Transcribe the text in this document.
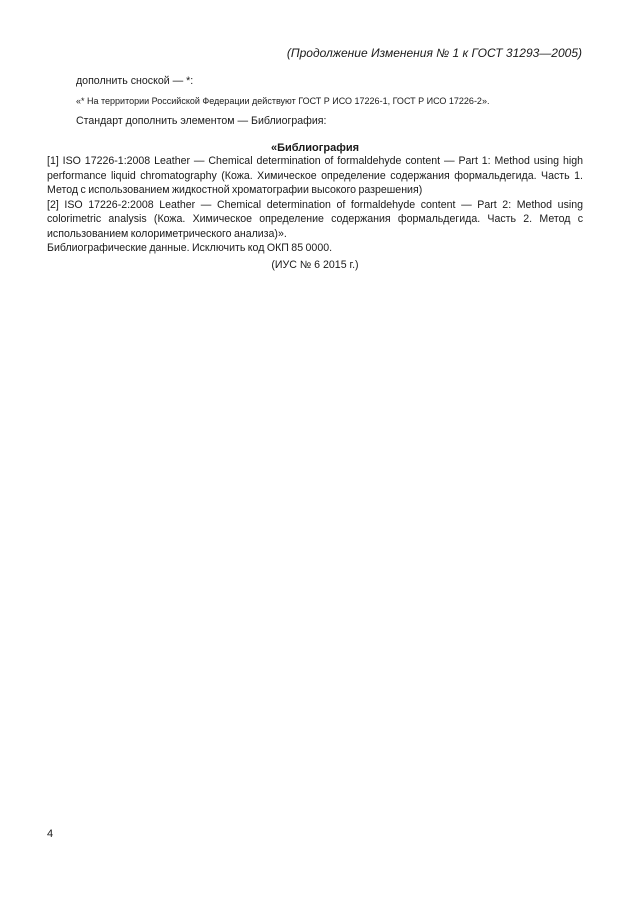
(Продолжение Изменения № 1 к ГОСТ 31293—2005)
дополнить сноской — *:
«* На территории Российской Федерации действуют ГОСТ Р ИСО 17226-1, ГОСТ Р ИСО 17226-2».
Стандарт дополнить элементом — Библиография:
«Библиография

[1] ISO 17226-1:2008 Leather — Chemical determination of formaldehyde content — Part 1: Method using high performance liquid chromatography (Кожа. Химическое определение содержания формальдегида. Часть 1. Метод с использованием жидкостной хроматографии высокого разрешения)

[2] ISO 17226-2:2008 Leather — Chemical determination of formaldehyde content — Part 2: Method using colorimetric analysis (Кожа. Химическое определение содержания формальдегида. Часть 2. Метод с использованием колориметрического анализа)».

Библиографические данные. Исключить код ОКП 85 0000.

(ИУС № 6 2015 г.)
4
